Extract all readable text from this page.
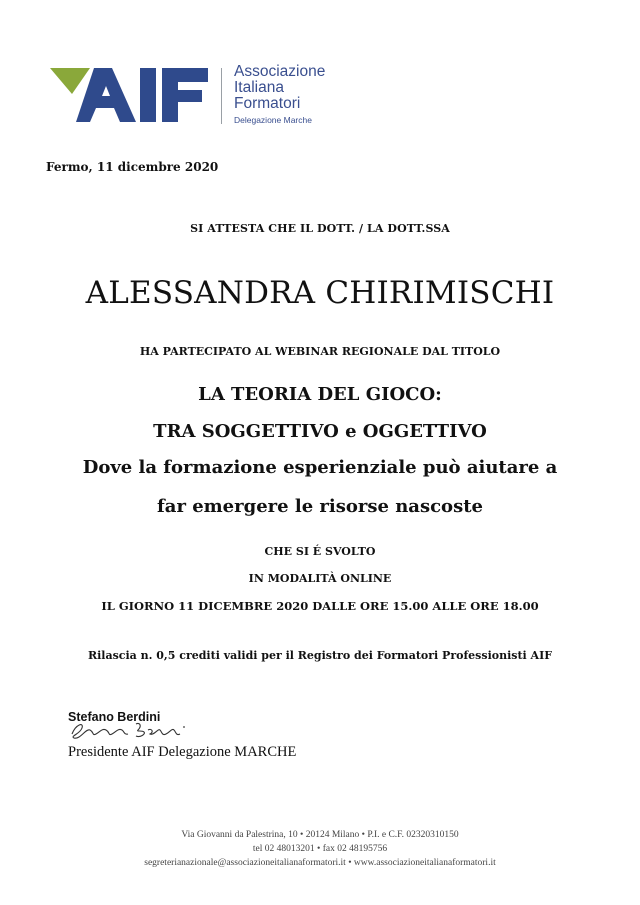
Associazione
Italiana
Formatori
Delegazione Marche
Fermo, 11 dicembre 2020
SI ATTESTA CHE IL DOTT. / LA DOTT.SSA
ALESSANDRA CHIRIMISCHI
HA PARTECIPATO AL WEBINAR REGIONALE DAL TITOLO
LA TEORIA DEL GIOCO:
TRA SOGGETTIVO e OGGETTIVO
Dove la formazione esperienziale può aiutare a
far emergere le risorse nascoste
CHE SI É SVOLTO
IN MODALITÀ ONLINE
IL GIORNO 11 DICEMBRE 2020 DALLE ORE 15.00 ALLE ORE 18.00
Rilascia n. 0,5 crediti validi per il Registro dei Formatori Professionisti AIF
Stefano Berdini
Presidente AIF Delegazione MARCHE
Via Giovanni da Palestrina, 10 • 20124 Milano • P.I. e C.F. 02320310150
tel 02 48013201 • fax 02 48195756
segreterianazionale@associazioneitalianaformatori.it • www.associazioneitalianaformatori.it
